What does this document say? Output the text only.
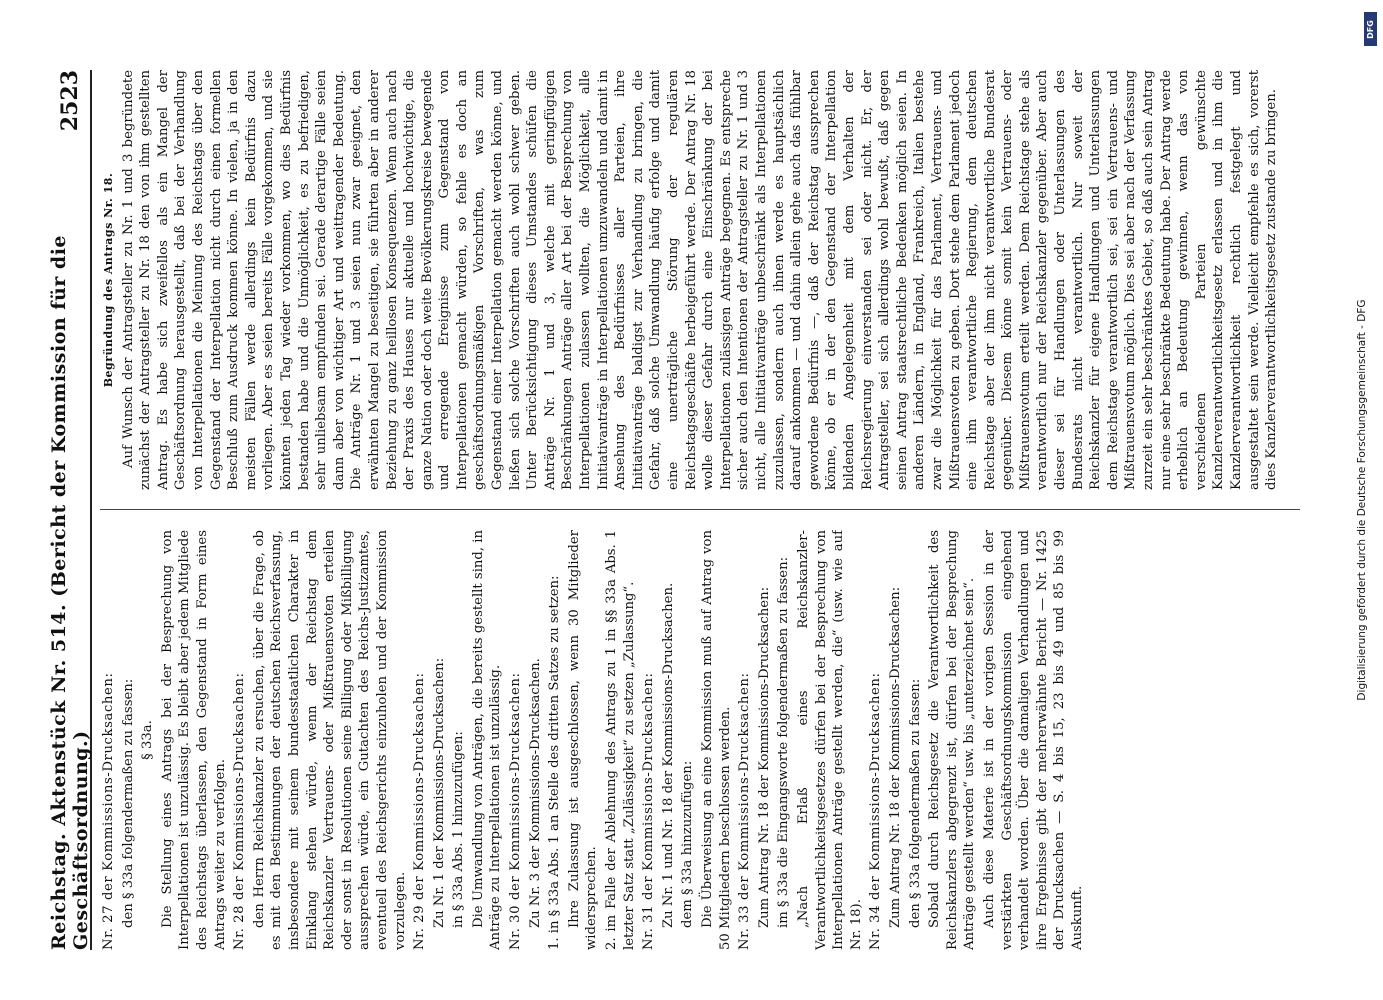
Reichstag. Aktenstück Nr. 514. (Bericht der Kommission für die Geschäftsordnung.)
2523

Nr. 27 der Kommissions-Drucksachen: den § 33a folgendermaßen zu fassen: § 33a. Die Stellung eines Antrags bei der Besprechung von Interpellationen ist unzulässig. Es bleibt aber jedem Mitgliede des Reichstags überlassen, den Gegenstand in Form eines Antrags weiter zu verfolgen. Nr. 28 der Kommissions-Drucksachen: den Herrn Reichskanzler zu ersuchen, über die Frage, ob es mit den Bestimmungen der deutschen Reichsverfassung, insbesondere mit seinem bundesstaatlichen Charakter in Einklang stehen würde, wenn der Reichstag dem Reichskanzler Vertrauens- oder Mißtrauensvoten erteilen oder sonst in Resolutionen seine Billigung oder Mißbilligung aussprechen würde, ein Gutachten des Reichs-Justizamtes, eventuell des Reichsgerichts einzuholen und der Kommission vorzulegen. Nr. 29 der Kommissions-Drucksachen: Zu Nr. 1 der Kommissions-Drucksachen: in § 33a Abs. 1 hinzuzufügen: Die Umwandlung von Anträgen, die bereits gestellt sind, in Anträge zu Interpellationen ist unzulässig. Nr. 30 der Kommissions-Drucksachen: Zu Nr. 3 der Kommissions-Drucksachen. 1. in § 33a Abs. 1 an Stelle des dritten Satzes zu setzen: Ihre Zulassung ist ausgeschlossen, wenn 30 Mitglieder widersprechen. 2. im Falle der Ablehnung des Antrags zu 1 in §§ 33a Abs. 1 letzter Satz statt „Zulässigkeit“ zu setzen „Zulassung“. Nr. 31 der Kommissions-Drucksachen: Zu Nr. 1 und Nr. 18 der Kommissions-Drucksachen. dem § 33a hinzuzufügen: Die Überweisung an eine Kommission muß auf Antrag von 50 Mitgliedern beschlossen werden. Nr. 33 der Kommissions-Drucksachen: Zum Antrag Nr. 18 der Kommissions-Drucksachen: im § 33a die Eingangsworte folgendermaßen zu fassen: „Nach Erlaß eines Reichskanzler-Verantwortlichkeitsgesetzes dürfen bei der Besprechung von Interpellationen Anträge gestellt werden, die“ (usw. wie auf Nr. 18). Nr. 34 der Kommissions-Drucksachen: Zum Antrag Nr. 18 der Kommissions-Drucksachen: den § 33a folgendermaßen zu fassen: Sobald durch Reichsgesetz die Verantwortlichkeit des Reichskanzlers abgegrenzt ist, dürfen bei der Besprechung Anträge gestellt werden“ usw. bis „unterzeichnet sein“. Auch diese Materie ist in der vorigen Session in der verstärkten Geschäftsordnungskommission eingehend verhandelt worden. Über die damaligen Verhandlungen und ihre Ergebnisse gibt der mehrerwähnte Bericht — Nr. 1425 der Drucksachen — S. 4 bis 15, 23 bis 49 und 85 bis 99 Auskunft.

Begründung des Antrags Nr. 18. Auf Wunsch der Antragsteller zu Nr. 1 und 3 begründete zunächst der Antragsteller zu Nr. 18 den von ihm gestellten Antrag. Es habe sich zweifellos als ein Mangel der Geschäftsordnung herausgestellt, daß bei der Verhandlung von Interpellationen die Meinung des Reichstags über den Gegenstand der Interpellation nicht durch einen formellen Beschluß zum Ausdruck kommen könne. In vielen, ja in den meisten Fällen werde allerdings kein Bedürfnis dazu vorliegen. Aber es seien bereits Fälle vorgekommen, und sie könnten jeden Tag wieder vorkommen, wo dies Bedürfnis bestanden habe und die Unmöglichkeit, es zu befriedigen, sehr unliebsam empfunden sei. Gerade derartige Fälle seien dann aber von wichtiger Art und weittragender Bedeutung. Die Anträge Nr. 1 und 3 seien nun zwar geeignet, den erwähnten Mangel zu beseitigen, sie führten aber in anderer Beziehung zu ganz heillosen Konsequenzen. Wenn auch nach der Praxis des Hauses nur aktuelle und hochwichtige, die ganze Nation oder doch weite Bevölkerungskreise bewegende und erregende Ereignisse zum Gegenstand von Interpellationen gemacht würden, so fehle es doch an geschäftsordnungsmäßigen Vorschriften, was zum Gegenstand einer Interpellation gemacht werden könne, und ließen sich solche Vorschriften auch wohl schwer geben. Unter Berücksichtigung dieses Umstandes schüfen die Anträge Nr. 1 und 3, welche mit geringfügigen Beschränkungen Anträge aller Art bei der Besprechung von Interpellationen zulassen wollten, die Möglichkeit, alle Initiativanträge in Interpellationen umzuwandeln und damit in Ansehung des Bedürfnisses aller Parteien, ihre Initiativanträge baldigst zur Verhandlung zu bringen, die Gefahr, daß solche Umwandlung häufig erfolge und damit eine unerträgliche Störung der regulären Reichstagsgeschäfte herbeigeführt werde. Der Antrag Nr. 18 wolle dieser Gefahr durch eine Einschränkung der bei Interpellationen zulässigen Anträge begegnen. Es entspreche sicher auch den Intentionen der Antragsteller zu Nr. 1 und 3 nicht, alle Initiativanträge unbeschränkt als Interpellationen zuzulassen, sondern auch ihnen werde es hauptsächlich darauf ankommen — und dahin allein gehe auch das fühlbar gewordene Bedürfnis —, daß der Reichstag aussprechen könne, ob er in der den Gegenstand der Interpellation bildenden Angelegenheit mit dem Verhalten der Reichsregierung einverstanden sei oder nicht. Er, der Antragsteller, sei sich allerdings wohl bewußt, daß gegen seinen Antrag staatsrechtliche Bedenken möglich seien. In anderen Ländern, in England, Frankreich, Italien bestehe zwar die Möglichkeit für das Parlament, Vertrauens- und Mißtrauensvoten zu geben. Dort stehe dem Parlament jedoch eine ihm verantwortliche Regierung, dem deutschen Reichstage aber der ihm nicht verantwortliche Bundesrat gegenüber. Diesem könne somit kein Vertrauens- oder Mißtrauensvotum erteilt werden. Dem Reichstage stehe als verantwortlich nur der Reichskanzler gegenüber. Aber auch dieser sei für Handlungen oder Unterlassungen des Bundesrats nicht verantwortlich. Nur soweit der Reichskanzler für eigene Handlungen und Unterlassungen dem Reichstage verantwortlich sei, sei ein Vertrauens- und Mißtrauensvotum möglich. Dies sei aber nach der Verfassung zurzeit ein sehr beschränktes Gebiet, so daß auch sein Antrag nur eine sehr beschränkte Bedeutung habe. Der Antrag werde erheblich an Bedeutung gewinnen, wenn das von verschiedenen Parteien gewünschte Kanzlerverantwortlichkeitsgesetz erlassen und in ihm die Kanzlerverantwortlichkeit rechtlich festgelegt und ausgestaltet sein werde. Vielleicht empfehle es sich, vorerst dies Kanzlerverantwortlichkeitsgesetz zustande zu bringen.

Digitalisierung gefördert durch die Deutsche Forschungsgemeinschaft - DFG
DFG
